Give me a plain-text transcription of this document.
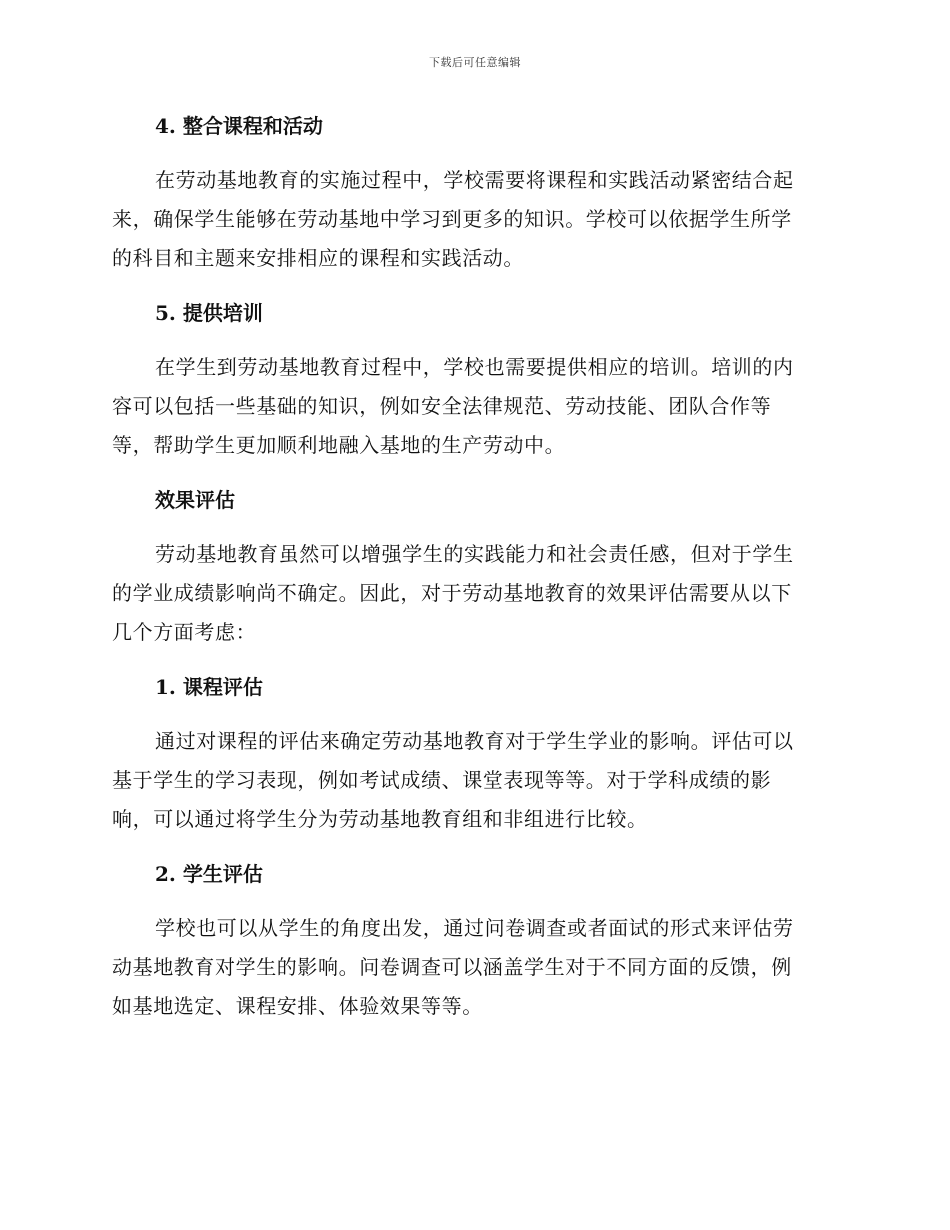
下载后可任意编辑
4. 整合课程和活动

在劳动基地教育的实施过程中，学校需要将课程和实践活动紧密结合起
来，确保学生能够在劳动基地中学习到更多的知识。学校可以依据学生所学
的科目和主题来安排相应的课程和实践活动。

5. 提供培训

在学生到劳动基地教育过程中，学校也需要提供相应的培训。培训的内
容可以包括一些基础的知识，例如安全法律规范、劳动技能、团队合作等
等，帮助学生更加顺利地融入基地的生产劳动中。

效果评估

劳动基地教育虽然可以增强学生的实践能力和社会责任感，但对于学生
的学业成绩影响尚不确定。因此，对于劳动基地教育的效果评估需要从以下
几个方面考虑：

1. 课程评估

通过对课程的评估来确定劳动基地教育对于学生学业的影响。评估可以
基于学生的学习表现，例如考试成绩、课堂表现等等。对于学科成绩的影
响，可以通过将学生分为劳动基地教育组和非组进行比较。

2. 学生评估

学校也可以从学生的角度出发，通过问卷调查或者面试的形式来评估劳
动基地教育对学生的影响。问卷调查可以涵盖学生对于不同方面的反馈，例
如基地选定、课程安排、体验效果等等。
